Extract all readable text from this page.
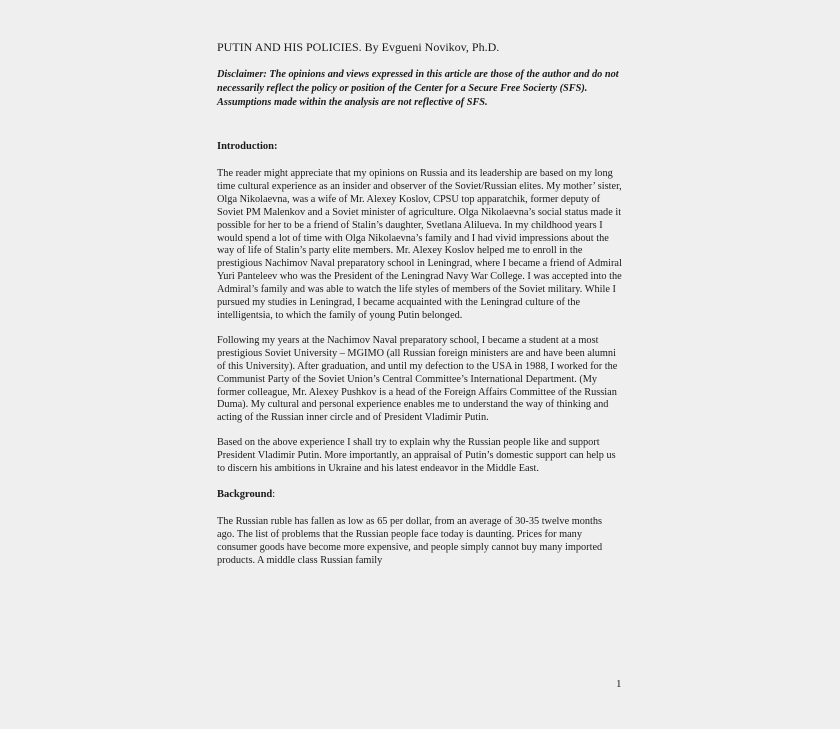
PUTIN AND HIS POLICIES. By Evgueni Novikov, Ph.D.
Disclaimer: The opinions and views expressed in this article are those of the author and do not necessarily reflect the policy or position of the Center for a Secure Free Socierty (SFS). Assumptions made within the analysis are not reflective of SFS.
Introduction:
The reader might appreciate that my opinions on Russia and its leadership are based on my long time cultural experience as an insider and observer of the Soviet/Russian elites. My mother’ sister, Olga Nikolaevna, was a wife of Mr. Alexey Koslov, CPSU top apparatchik, former deputy of Soviet PM Malenkov and a Soviet minister of agriculture. Olga Nikolaevna’s social status made it possible for her to be a friend of Stalin’s daughter, Svetlana Alilueva. In my childhood years I would spend a lot of time with Olga Nikolaevna’s family and I had vivid impressions about the way of life of Stalin’s party elite members. Mr. Alexey Koslov helped me to enroll in the prestigious Nachimov Naval preparatory school in Leningrad, where I became a friend of Admiral Yuri Panteleev who was the President of the Leningrad Navy War College. I was accepted into the Admiral’s family and was able to watch the life styles of members of the Soviet military. While I pursued my studies in Leningrad, I became acquainted with the Leningrad culture of the intelligentsia, to which the family of young Putin belonged.
Following my years at the Nachimov Naval preparatory school, I became a student at a most prestigious Soviet University – MGIMO (all Russian foreign ministers are and have been alumni of this University). After graduation, and until my defection to the USA in 1988, I worked for the Communist Party of the Soviet Union’s Central Committee’s International Department. (My former colleague, Mr. Alexey Pushkov is a head of the Foreign Affairs Committee of the Russian Duma). My cultural and personal experience enables me to understand the way of thinking and acting of the Russian inner circle and of President Vladimir Putin.
Based on the above experience I shall try to explain why the Russian people like and support President Vladimir Putin. More importantly, an appraisal of Putin’s domestic support can help us to discern his ambitions in Ukraine and his latest endeavor in the Middle East.
Background:
The Russian ruble has fallen as low as 65 per dollar, from an average of 30-35 twelve months ago. The list of problems that the Russian people face today is daunting. Prices for many consumer goods have become more expensive, and people simply cannot buy many imported products. A middle class Russian family
1
